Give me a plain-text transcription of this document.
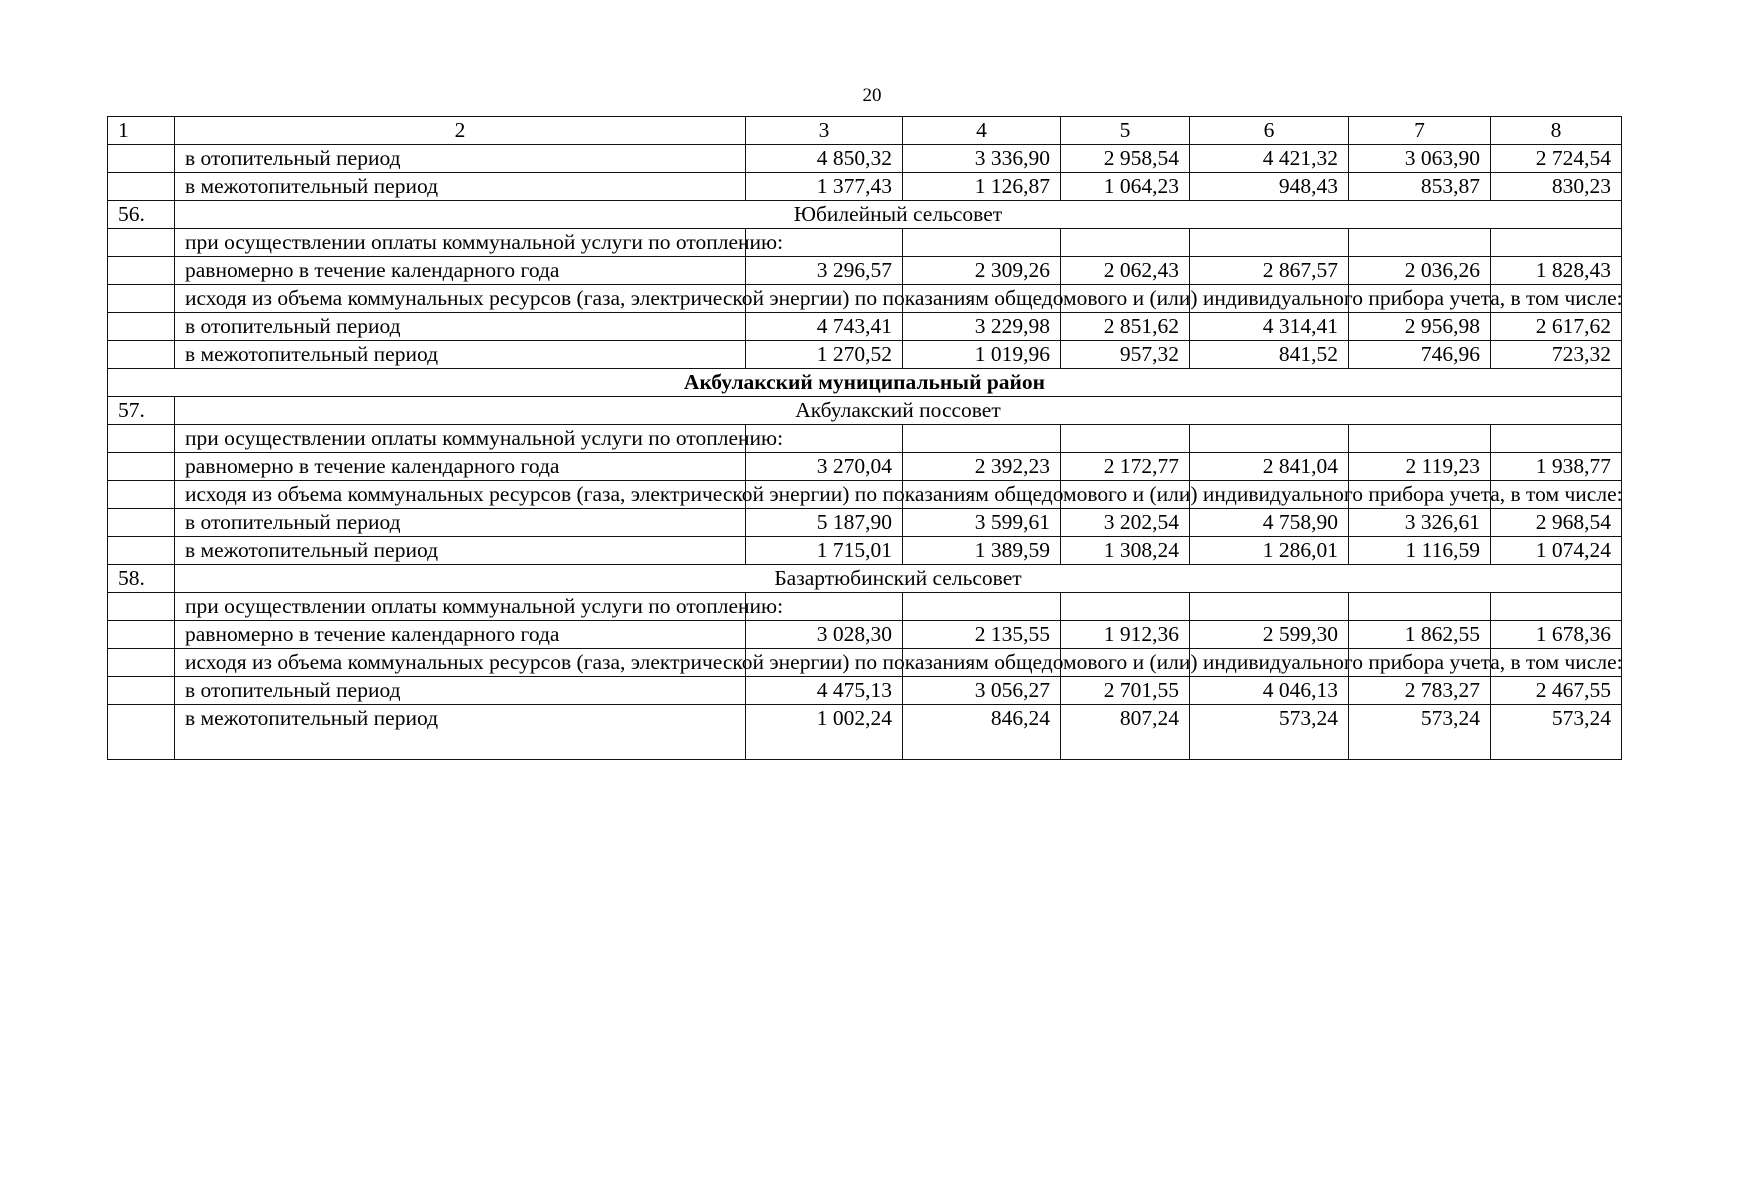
20
1	2	3	4	5	6	7	8
	в отопительный период	4 850,32	3 336,90	2 958,54	4 421,32	3 063,90	2 724,54
	в межотопительный период	1 377,43	1 126,87	1 064,23	948,43	853,87	830,23
56.	Юбилейный сельсовет						
	при осуществлении оплаты коммунальной услуги по отоплению:						
	равномерно в течение календарного года	3 296,57	2 309,26	2 062,43	2 867,57	2 036,26	1 828,43
	исходя из объема коммунальных ресурсов (газа, электрической энергии) по показаниям общедомового и (или) индивидуального прибора учета, в том числе:						
	в отопительный период	4 743,41	3 229,98	2 851,62	4 314,41	2 956,98	2 617,62
	в межотопительный период	1 270,52	1 019,96	957,32	841,52	746,96	723,32
Акбулакский муниципальный район							
57.	Акбулакский поссовет						
	при осуществлении оплаты коммунальной услуги по отоплению:						
	равномерно в течение календарного года	3 270,04	2 392,23	2 172,77	2 841,04	2 119,23	1 938,77
	исходя из объема коммунальных ресурсов (газа, электрической энергии) по показаниям общедомового и (или) индивидуального прибора учета, в том числе:						
	в отопительный период	5 187,90	3 599,61	3 202,54	4 758,90	3 326,61	2 968,54
	в межотопительный период	1 715,01	1 389,59	1 308,24	1 286,01	1 116,59	1 074,24
58.	Базартюбинский сельсовет						
	при осуществлении оплаты коммунальной услуги по отоплению:						
	равномерно в течение календарного года	3 028,30	2 135,55	1 912,36	2 599,30	1 862,55	1 678,36
	исходя из объема коммунальных ресурсов (газа, электрической энергии) по показаниям общедомового и (или) индивидуального прибора учета, в том числе:						
	в отопительный период	4 475,13	3 056,27	2 701,55	4 046,13	2 783,27	2 467,55
	в межотопительный период	1 002,24	846,24	807,24	573,24	573,24	573,24
